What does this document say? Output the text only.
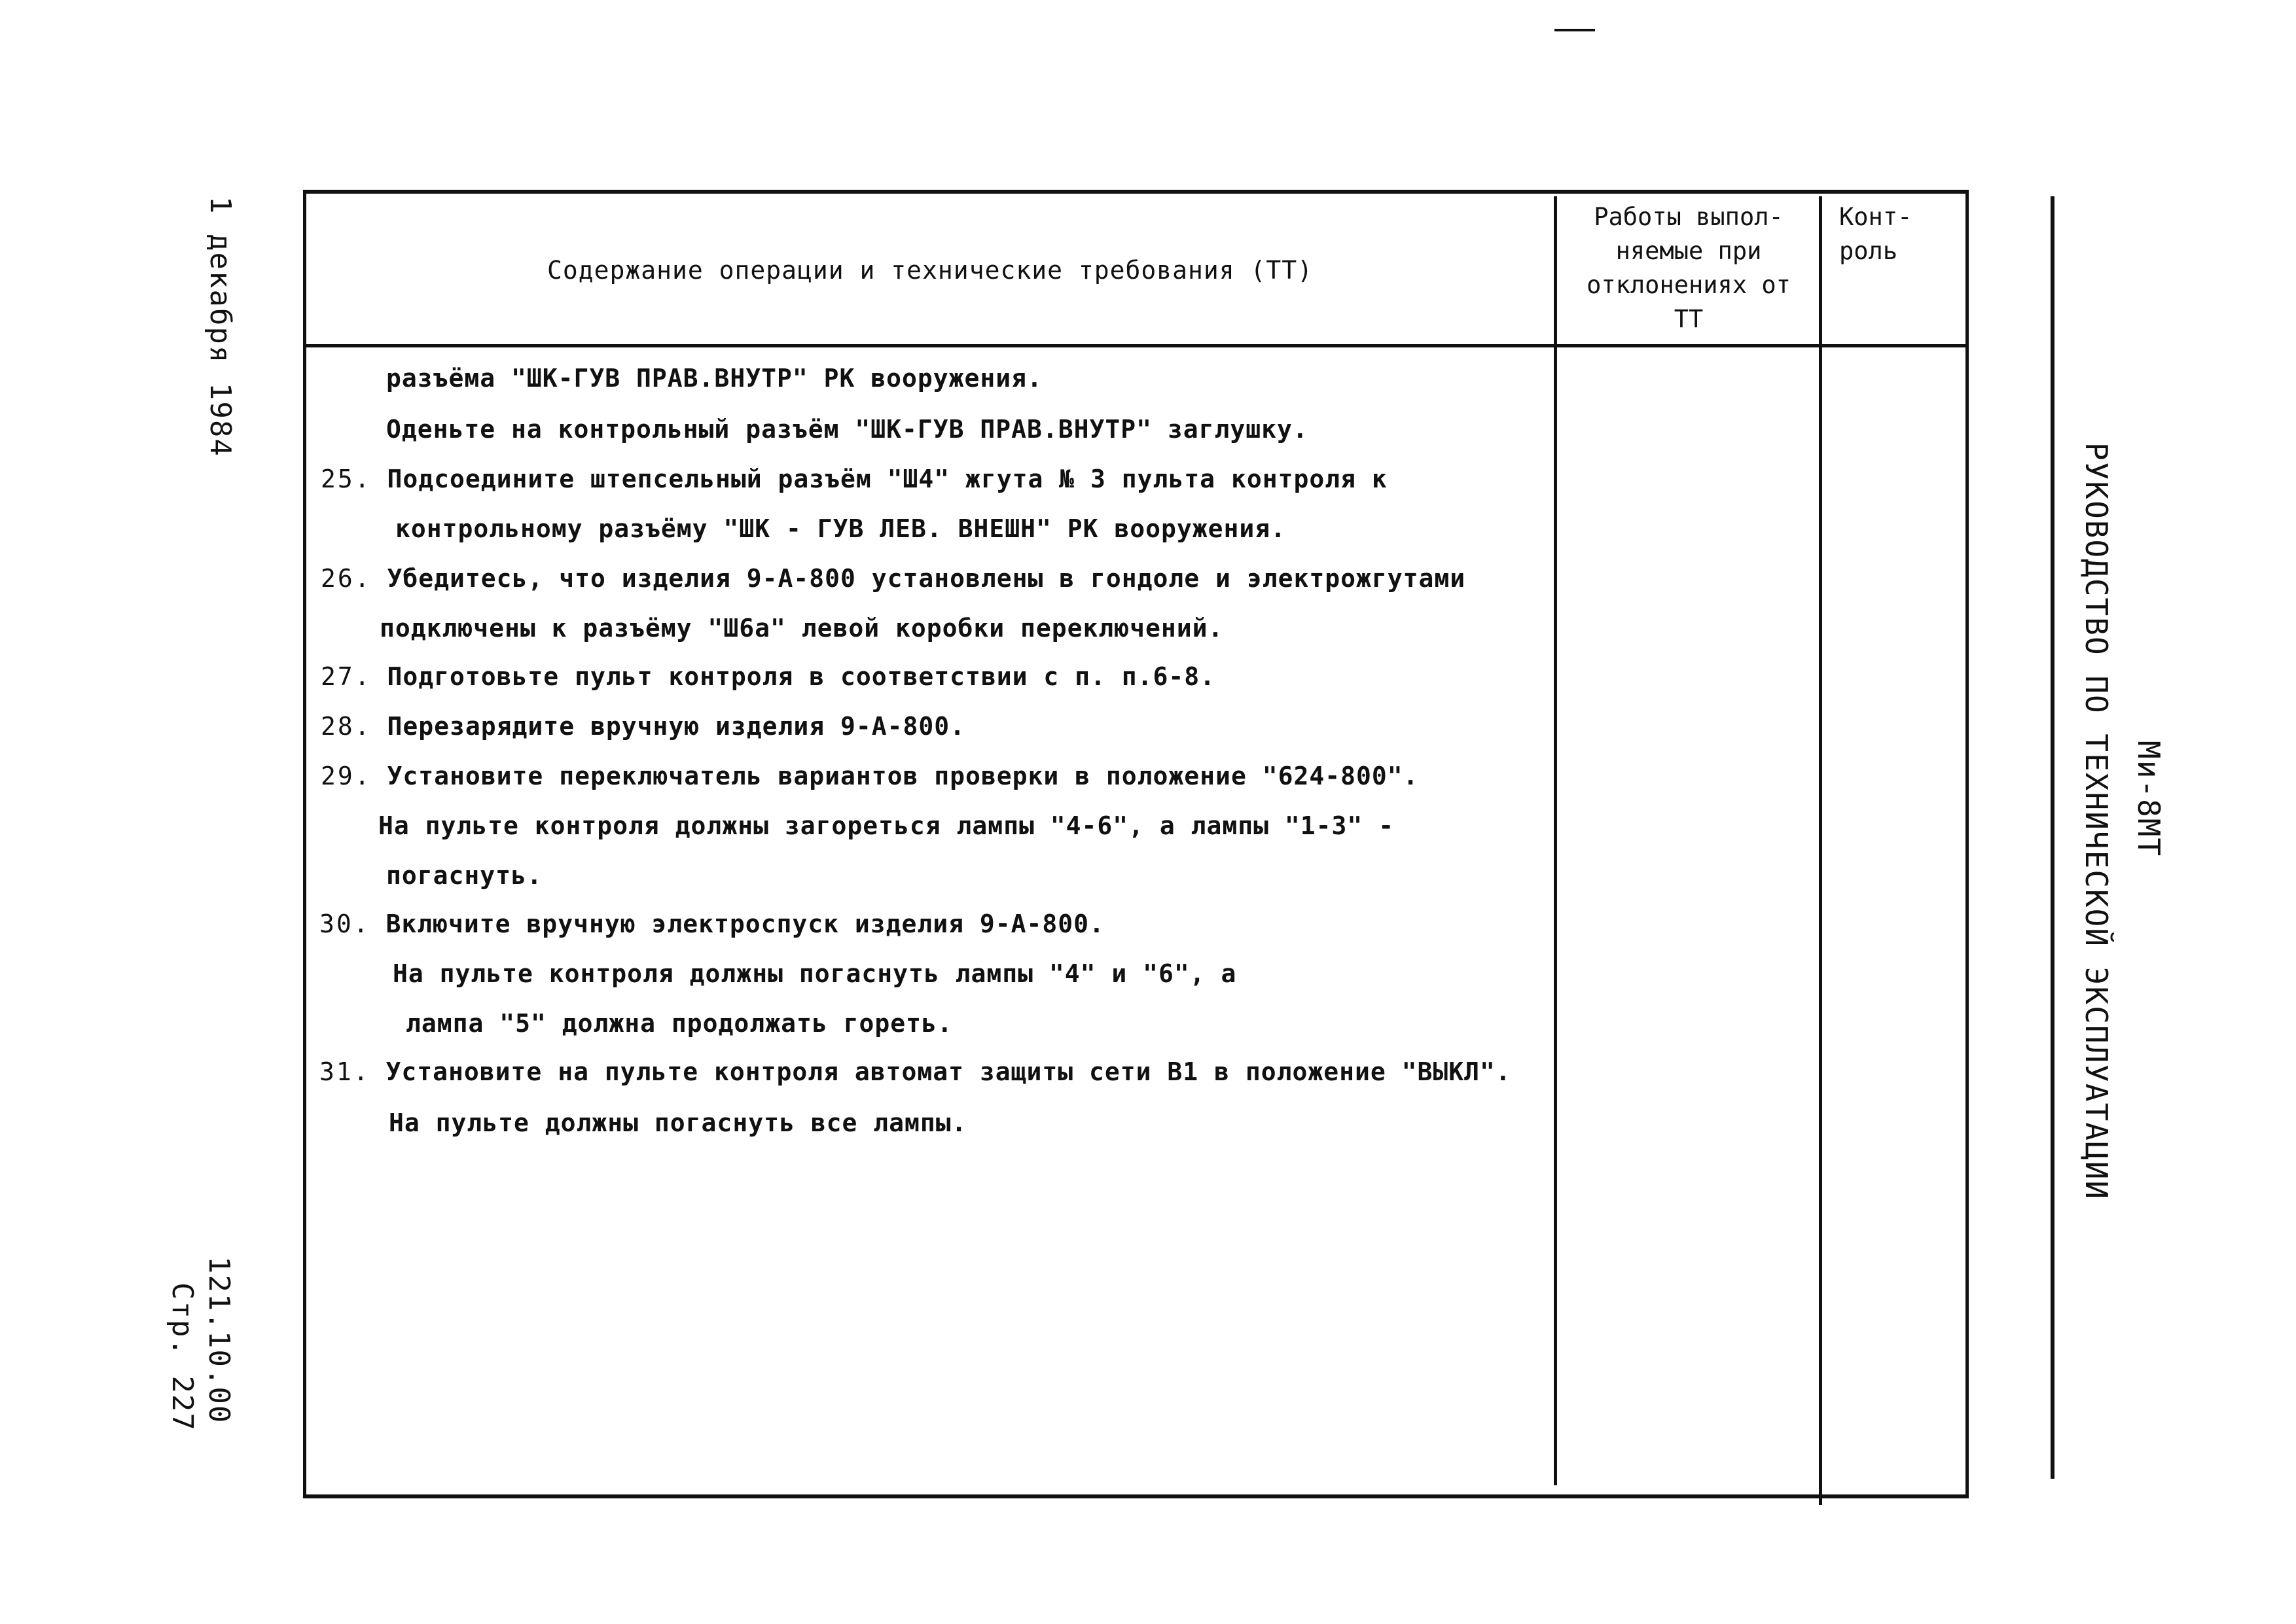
1 декабря 1984
121.10.00
Стр. 227
Содержание операции и технические требования (ТТ)
Работы выпол-
няемые при
отклонениях от
ТТ
Конт-
роль
разъёма "ШК-ГУВ ПРАВ.ВНУТР" РК вооружения.
Оденьте на контрольный разъём "ШК-ГУВ ПРАВ.ВНУТР" заглушку.
25. Подсоедините штепсельный разъём "Ш4" жгута № 3 пульта контроля к
контрольному разъёму "ШК - ГУВ ЛЕВ. ВНЕШН" РК вооружения.
26. Убедитесь, что изделия 9-А-800 установлены в гондоле и электрожгутами
подключены к разъёму "Ш6а" левой коробки переключений.
27. Подготовьте пульт контроля в соответствии с п. п.6-8.
28. Перезарядите вручную изделия 9-А-800.
29. Установите переключатель вариантов проверки в положение "624-800".
На пульте контроля должны загореться лампы "4-6", а лампы "1-3" -
погаснуть.
30. Включите вручную электроспуск изделия 9-А-800.
На пульте контроля должны погаснуть лампы "4" и "6", а
лампа "5" должна продолжать гореть.
31. Установите на пульте контроля автомат защиты сети В1 в положение "ВЫКЛ".
На пульте должны погаснуть все лампы.	РУКОВОДСТВО ПО ТЕХНИЧЕСКОЙ ЭКСПЛУАТАЦИИ Ми-8МТ
